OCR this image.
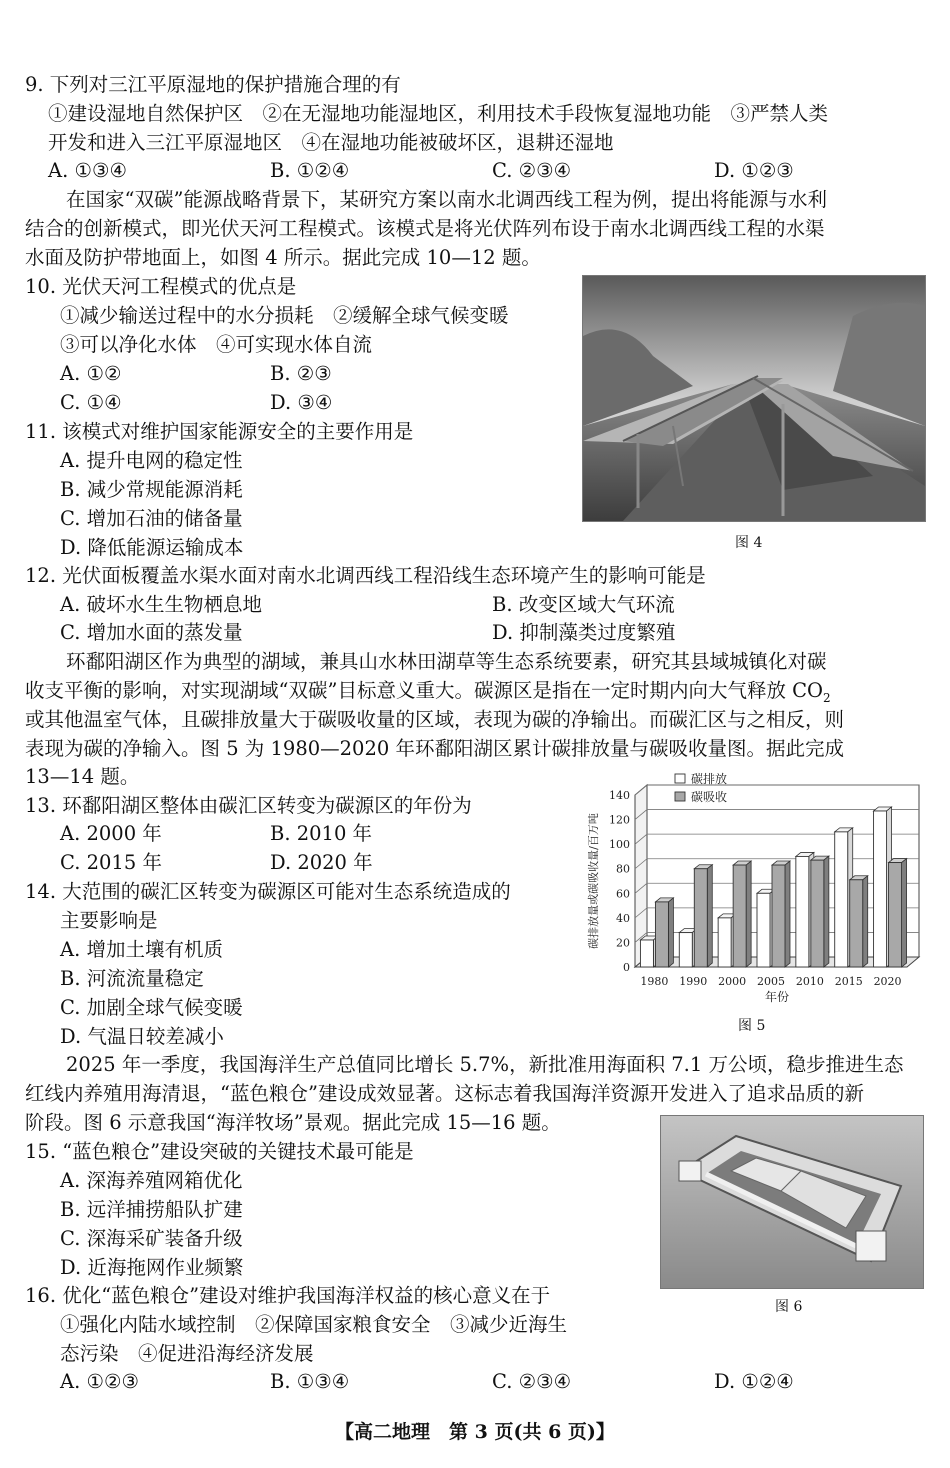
9. 下列对三江平原湿地的保护措施合理的有
①建设湿地自然保护区　②在无湿地功能湿地区，利用技术手段恢复湿地功能　③严禁人类
开发和进入三江平原湿地区　④在湿地功能被破坏区，退耕还湿地
A. ①③④	B. ①②④	C. ②③④	D. ①②③
在国家“双碳”能源战略背景下，某研究方案以南水北调西线工程为例，提出将能源与水利
结合的创新模式，即光伏天河工程模式。该模式是将光伏阵列布设于南水北调西线工程的水渠
水面及防护带地面上，如图 4 所示。据此完成 10—12 题。
10. 光伏天河工程模式的优点是
①减少输送过程中的水分损耗　②缓解全球气候变暖
③可以净化水体　④可实现水体自流
A. ①②	B. ②③
C. ①④	D. ③④
图 4
11. 该模式对维护国家能源安全的主要作用是
A. 提升电网的稳定性
B. 减少常规能源消耗
C. 增加石油的储备量
D. 降低能源运输成本
12. 光伏面板覆盖水渠水面对南水北调西线工程沿线生态环境产生的影响可能是
A. 破坏水生生物栖息地	B. 改变区域大气环流
C. 增加水面的蒸发量	D. 抑制藻类过度繁殖
环鄱阳湖区作为典型的湖域，兼具山水林田湖草等生态系统要素，研究其县域城镇化对碳
收支平衡的影响，对实现湖域“双碳”目标意义重大。碳源区是指在一定时期内向大气释放 $CO_2$
或其他温室气体，且碳排放量大于碳吸收量的区域，表现为碳的净输出。而碳汇区与之相反，则
表现为碳的净输入。图 5 为 1980—2020 年环鄱阳湖区累计碳排放量与碳吸收量图。据此完成
13—14 题。
13. 环鄱阳湖区整体由碳汇区转变为碳源区的年份为
A. 2000 年	B. 2010 年
C. 2015 年	D. 2020 年
14. 大范围的碳汇区转变为碳源区可能对生态系统造成的
主要影响是
A. 增加土壤有机质
B. 河流流量稳定
C. 加剧全球气候变暖
D. 气温日较差减小
0
20
40
60
80
100
120
140
1980 1990 2000 2005 2010 2015 2020
年份
碳排放量或碳吸收量/百万吨
碳排放
碳吸收
图 5
2025 年一季度，我国海洋生产总值同比增长 5.7%，新批准用海面积 7.1 万公顷，稳步推进生态
红线内养殖用海清退，“蓝色粮仓”建设成效显著。这标志着我国海洋资源开发进入了追求品质的新
阶段。图 6 示意我国“海洋牧场”景观。据此完成 15—16 题。
15. “蓝色粮仓”建设突破的关键技术最可能是
A. 深海养殖网箱优化
B. 远洋捕捞船队扩建
C. 深海采矿装备升级
D. 近海拖网作业频繁
图 6
16. 优化“蓝色粮仓”建设对维护我国海洋权益的核心意义在于
①强化内陆水域控制　②保障国家粮食安全　③减少近海生
态污染　④促进沿海经济发展
A. ①②③	B. ①③④	C. ②③④	D. ①②④
【高二地理　第 3 页(共 6 页)】
